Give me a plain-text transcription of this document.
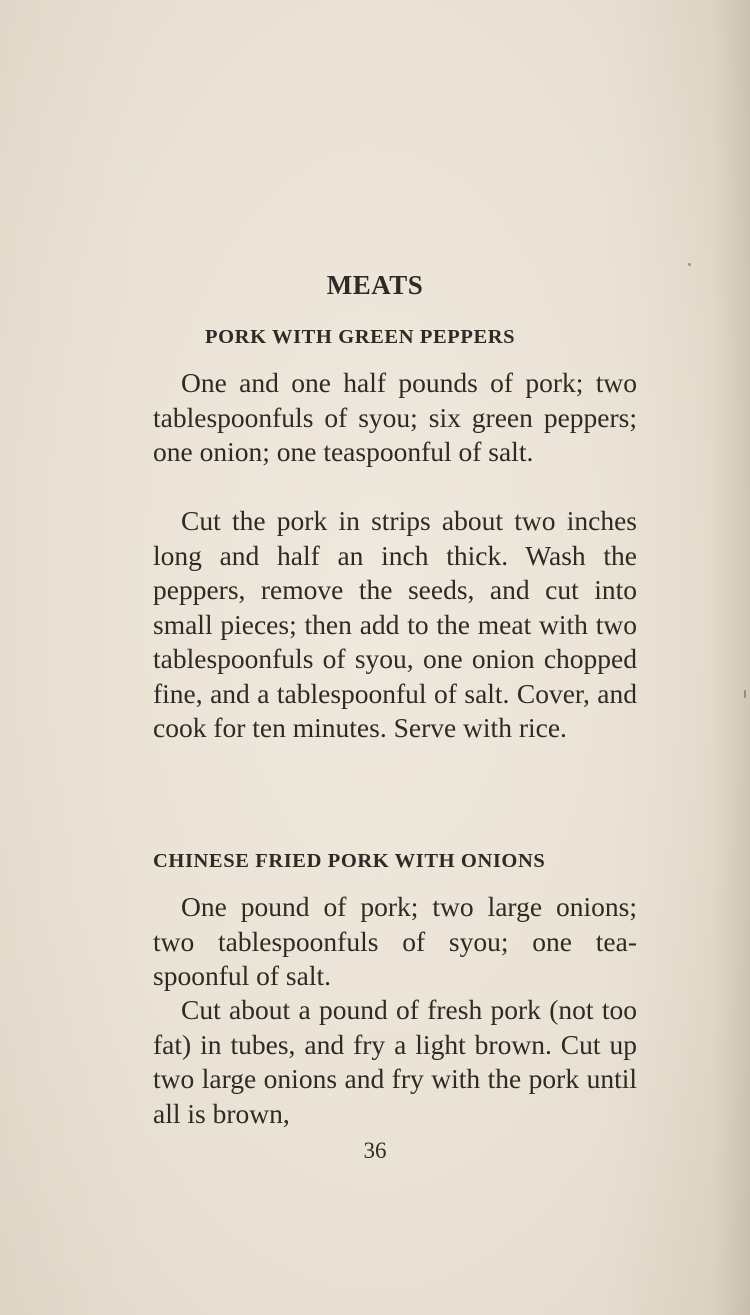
MEATS
PORK WITH GREEN PEPPERS

One and one half pounds of pork; two tablespoonfuls of syou; six green peppers; one onion; one teaspoonful of salt.

Cut the pork in strips about two inches long and half an inch thick. Wash the peppers, remove the seeds, and cut into small pieces; then add to the meat with two tablespoonfuls of syou, one onion chopped fine, and a tablespoonful of salt. Cover, and cook for ten minutes. Serve with rice.

CHINESE FRIED PORK WITH ONIONS

One pound of pork; two large onions; two tablespoonfuls of syou; one tea- spoonful of salt.

Cut about a pound of fresh pork (not too fat) in tubes, and fry a light brown. Cut up two large onions and fry with the pork until all is brown,

36
